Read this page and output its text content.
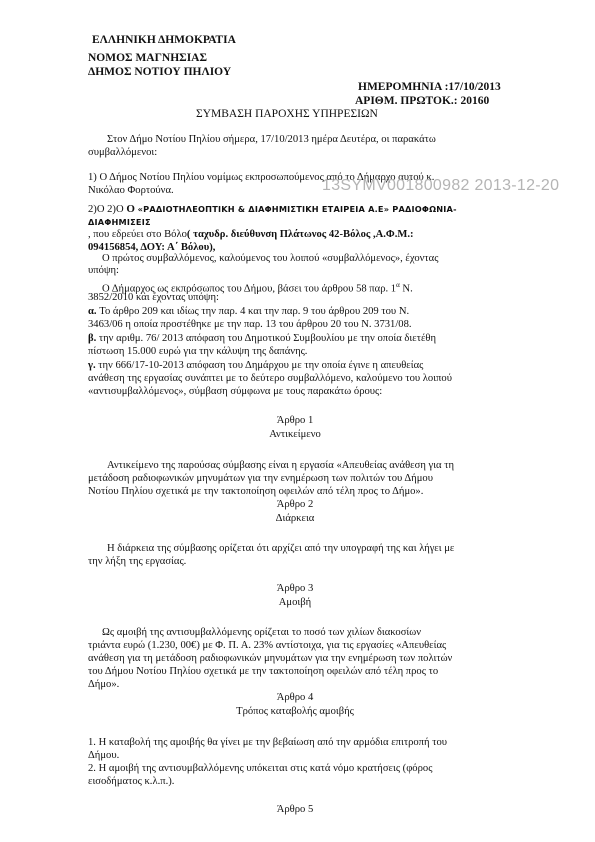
ΕΛΛΗΝΙΚΗ ΔΗΜΟΚΡΑΤΙΑ
ΝΟΜΟΣ ΜΑΓΝΗΣΙΑΣ
ΔΗΜΟΣ ΝΟΤΙΟΥ ΠΗΛΙΟΥ
ΗΜΕΡΟΜΗΝΙΑ :17/10/2013
ΑΡΙΘΜ. ΠΡΩΤΟΚ.: 20160
ΣΥΜΒΑΣΗ ΠΑΡΟΧΗΣ ΥΠΗΡΕΣΙΩΝ
Στον Δήμο Νοτίου Πηλίου σήμερα, 17/10/2013 ημέρα Δευτέρα, οι παρακάτω
συμβαλλόμενοι:
1) Ο Δήμος Νοτίου Πηλίου νομίμως εκπροσωπούμενος από το Δήμαρχο αυτού κ.
Νικόλαο Φορτούνα.	13SYMV001800982 2013-12-20
2)Ο 2)Ο Ο «ΡΑΔΙΟΤΗΛΕΟΠΤΙΚΗ & ΔΙΑΦΗΜΙΣΤΙΚΗ ΕΤΑΙΡΕΙΑ Α.Ε» ΡΑΔΙΟΦΩΝΙΑ-
ΔΙΑΦΗΜΙΣΕΙΣ
, που εδρεύει στο Βόλο( ταχυδρ. διεύθυνση Πλάτωνος 42-Βόλος ,Α.Φ.Μ.:
094156854, ΔΟΥ: Α΄ Βόλου),
Ο πρώτος συμβαλλόμενος, καλούμενος του λοιπού «συμβαλλόμενος», έχοντας
υπόψη:
Ο Δήμαρχος ως εκπρόσωπος του Δήμου, βάσει του άρθρου 58 παρ. $1^\alpha$ Ν.
3852/2010 και έχοντας υπόψη:
α. To άρθρο 209 και ιδίως την παρ. 4 και την παρ. 9 του άρθρου 209 του Ν.
3463/06 η οποία προστέθηκε με την παρ. 13 του άρθρου 20 του Ν. 3731/08.
β. την αριθμ. 76/ 2013 απόφαση του Δημοτικού Συμβουλίου με την οποία διετέθη
πίστωση 15.000 ευρώ για την κάλυψη της δαπάνης.
γ. την 666/17-10-2013 απόφαση του Δημάρχου με την οποία έγινε η απευθείας
ανάθεση της εργασίας συνάπτει με το δεύτερο συμβαλλόμενο, καλούμενο του λοιπού
«αντισυμβαλλόμενος», σύμβαση σύμφωνα με τους παρακάτω όρους:
Άρθρο 1
Αντικείμενο
Αντικείμενο της παρούσας σύμβασης είναι η εργασία «Απευθείας ανάθεση για τη
μετάδοση ραδιοφωνικών μηνυμάτων για την ενημέρωση των πολιτών του Δήμου
Νοτίου Πηλίου σχετικά με την τακτοποίηση οφειλών από τέλη προς το Δήμο».
Άρθρο 2
Διάρκεια
Η διάρκεια της σύμβασης ορίζεται ότι αρχίζει από την υπογραφή της και λήγει με
την λήξη της εργασίας.
Άρθρο 3
Αμοιβή
Ως αμοιβή της αντισυμβαλλόμενης ορίζεται το ποσό των χιλίων διακοσίων
τριάντα ευρώ (1.230, 00€) με Φ. Π. Α. 23% αντίστοιχα, για τις εργασίες «Απευθείας
ανάθεση για τη μετάδοση ραδιοφωνικών μηνυμάτων για την ενημέρωση των πολιτών
του Δήμου Νοτίου Πηλίου σχετικά με την τακτοποίηση οφειλών από τέλη προς το
Δήμο».
Άρθρο 4
Τρόπος καταβολής αμοιβής
1. Η καταβολή της αμοιβής θα γίνει με την βεβαίωση από την αρμόδια επιτροπή του
Δήμου.
2. Η αμοιβή της αντισυμβαλλόμενης υπόκειται στις κατά νόμο κρατήσεις (φόρος
εισοδήματος κ.λ.π.).
Άρθρο 5
